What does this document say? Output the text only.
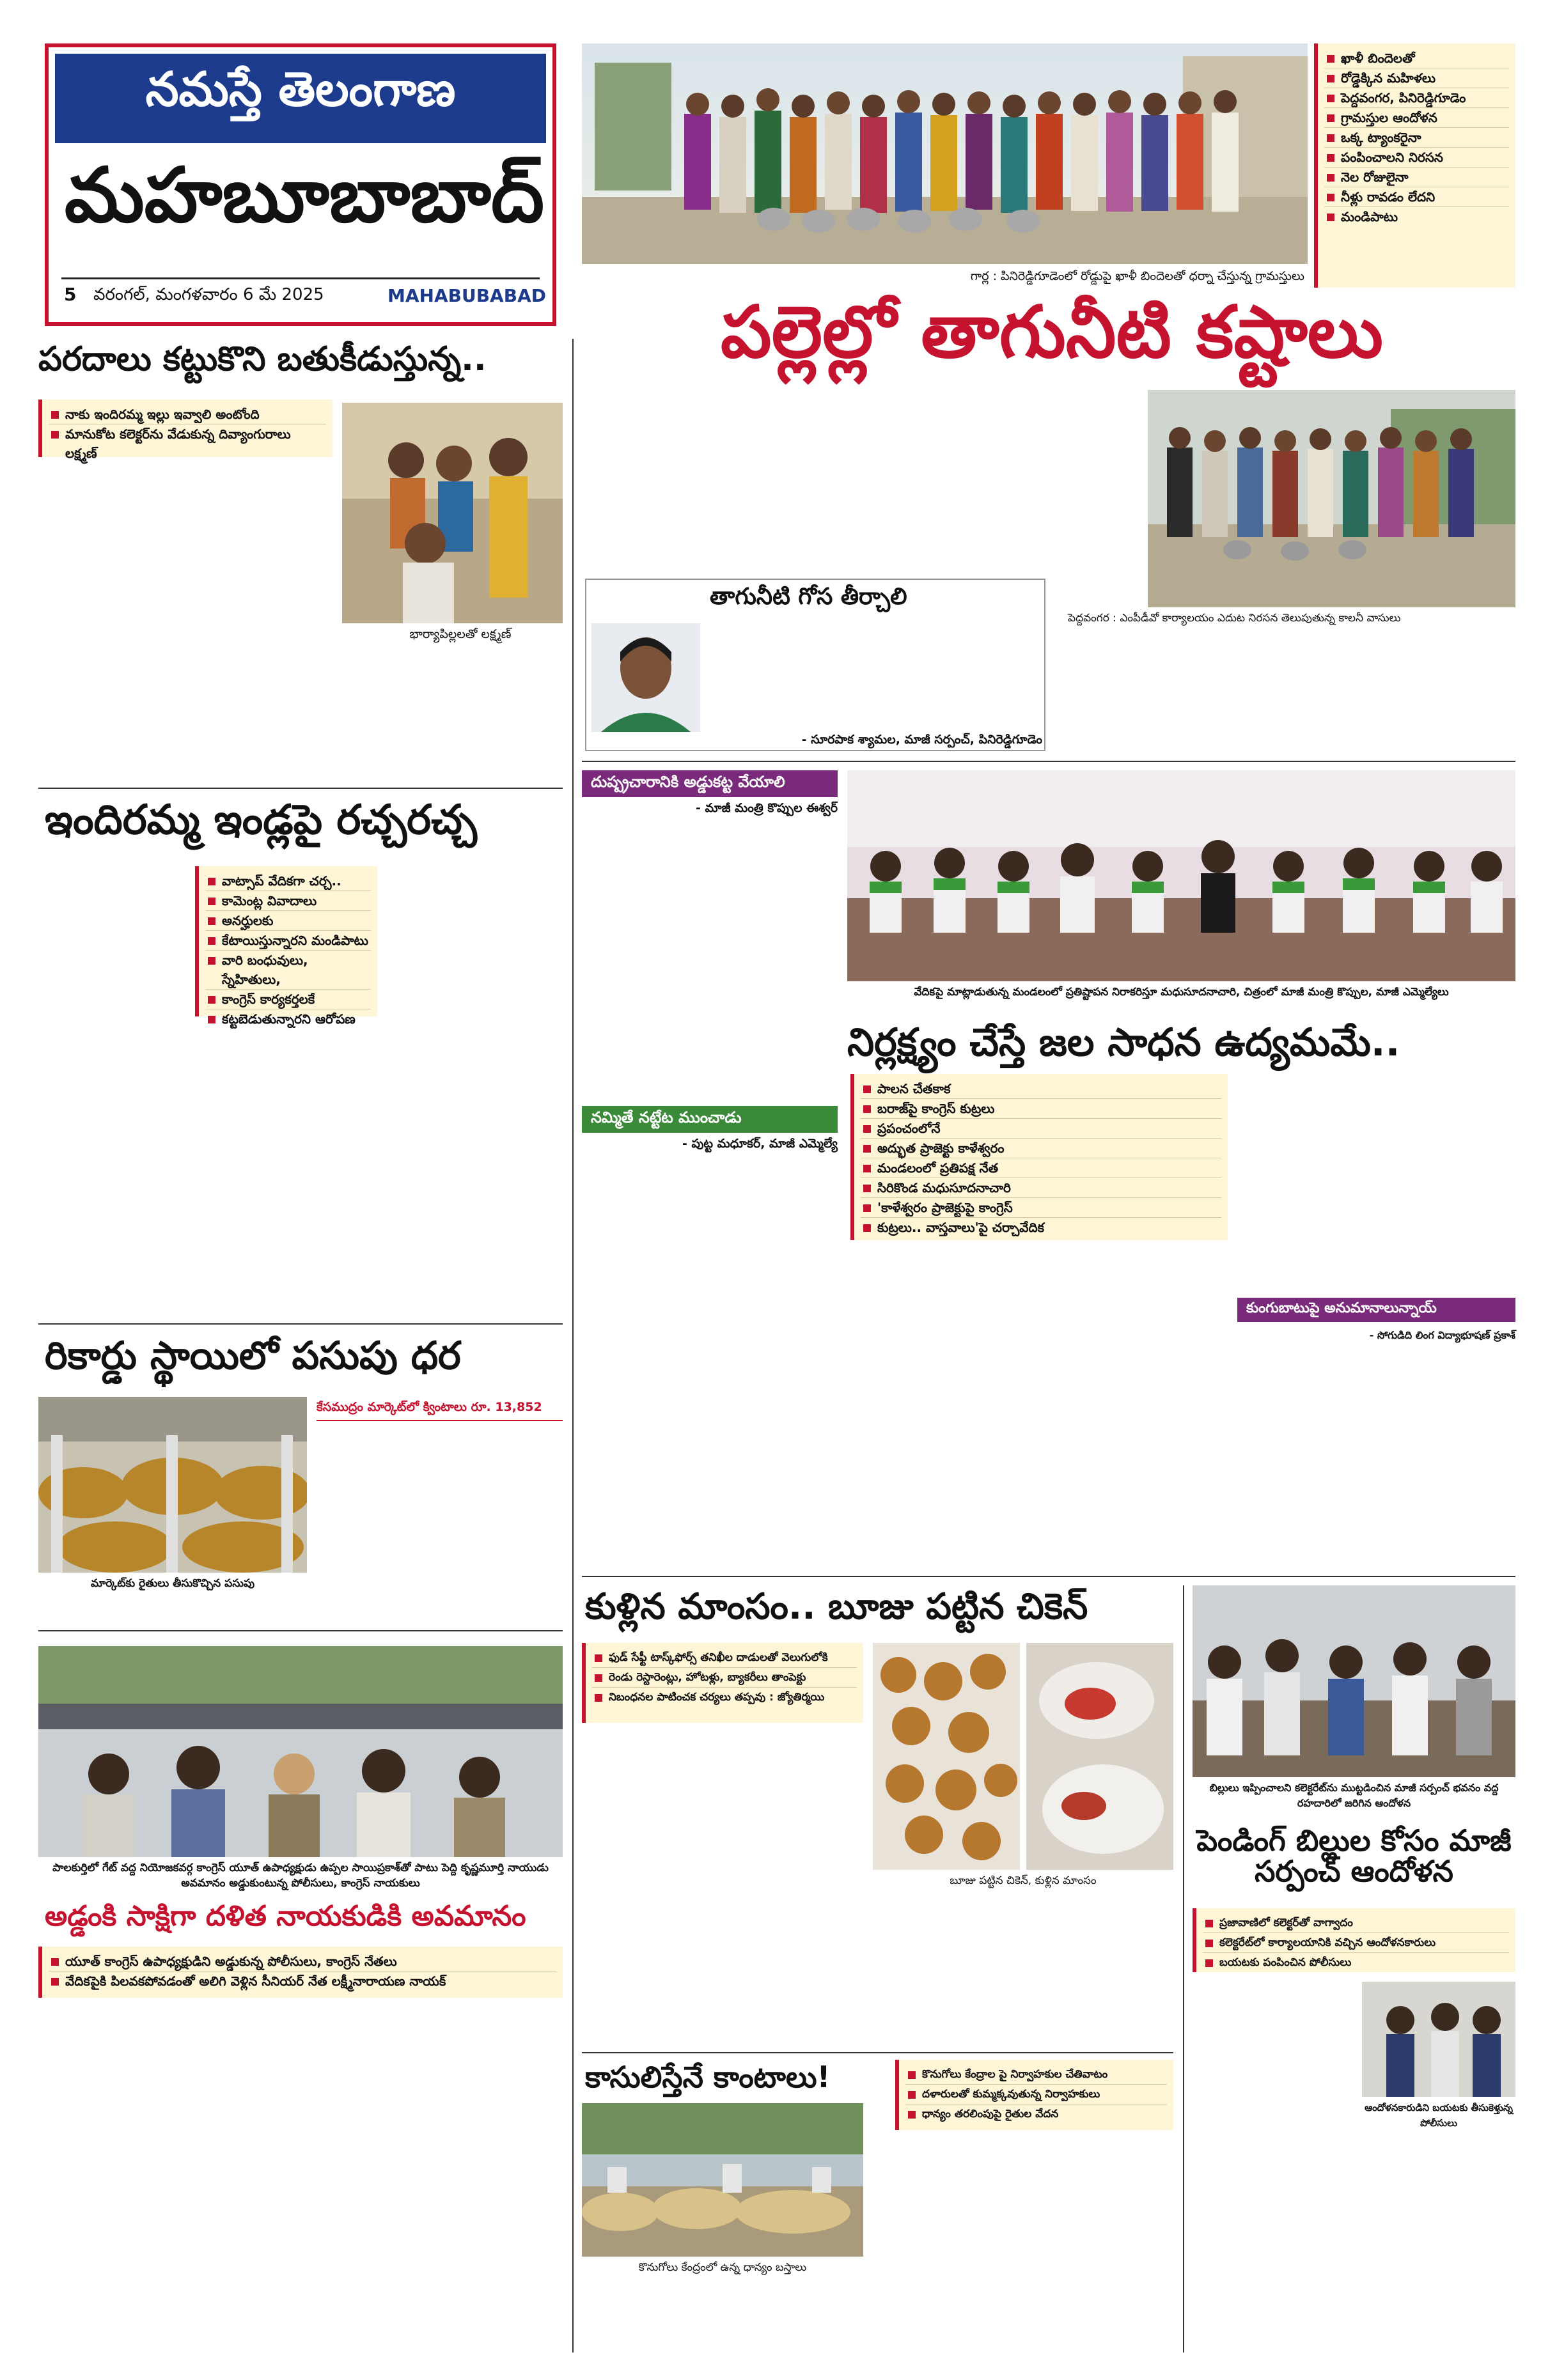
నమస్తే తెలంగాణ
మహబూబాబాద్
5 వరంగల్, మంగళవారం 6 మే 2025	MAHABUBABAD
గార్ల : పినిరెడ్డిగూడెంలో రోడ్డుపై ఖాళీ బిందెలతో ధర్నా చేస్తున్న గ్రామస్తులు
ఖాళీ బిందెలతో
రోడ్డెక్కిన మహిళలు
పెద్దవంగర, పినిరెడ్డిగూడెం
గ్రామస్తుల ఆందోళన
ఒక్క ట్యాంకరైనా
పంపించాలని నిరసన
నెల రోజులైనా
నీళ్లు రావడం లేదని
మండిపాటు
పల్లెల్లో తాగునీటి కష్టాలు
పెద్దవంగర : ఎంపీడీవో కార్యాలయం ఎదుట నిరసన తెలుపుతున్న కాలనీ వాసులు
తాగునీటి గోస తీర్చాలి
- సూరపాక శ్యామల, మాజీ సర్పంచ్, పినిరెడ్డిగూడెం
పరదాలు కట్టుకొని బతుకీడుస్తున్న..
నాకు ఇందిరమ్మ ఇల్లు ఇవ్వాలి అంటోంది
మానుకోట కలెక్టర్‌ను వేడుకున్న దివ్యాంగురాలు లక్ష్మణ్
భార్యాపిల్లలతో లక్ష్మణ్
ఇందిరమ్మ ఇండ్లపై రచ్చరచ్చ
వాట్సాప్ వేదికగా చర్చ..
కామెంట్ల వివాదాలు
అనర్హులకు
కేటాయిస్తున్నారని మండిపాటు
వారి బంధువులు, స్నేహితులు,
కాంగ్రెస్ కార్యకర్తలకే
కట్టబెడుతున్నారని ఆరోపణ
రికార్డు స్థాయిలో పసుపు ధర
మార్కెట్‌కు రైతులు తీసుకొచ్చిన పసుపు
కేసముద్రం మార్కెట్‌లో క్వింటాలు రూ. 13,852
పాలకుర్తిలో గేట్ వద్ద నియోజకవర్గ కాంగ్రెస్ యూత్ ఉపాధ్యక్షుడు ఉప్పల సాయిప్రకాశ్‌తో పాటు పెద్ది కృష్ణమూర్తి నాయుడు అవమానం అడ్డుకుంటున్న పోలీసులు, కాంగ్రెస్ నాయకులు
అడ్డంకి సాక్షిగా దళిత నాయకుడికి అవమానం
యూత్ కాంగ్రెస్ ఉపాధ్యక్షుడిని అడ్డుకున్న పోలీసులు, కాంగ్రెస్ నేతలు
వేదికపైకి పిలవకపోవడంతో అలిగి వెళ్లిన సీనియర్ నేత లక్ష్మీనారాయణ నాయక్
దుష్ప్రచారానికి అడ్డుకట్ట వేయాలి
- మాజీ మంత్రి కొప్పుల ఈశ్వర్
వేదికపై మాట్లాడుతున్న మండలంలో ప్రతిష్టాపన నిరాకరిస్తూ మధుసూదనాచారి, చిత్రంలో మాజీ మంత్రి కొప్పుల, మాజీ ఎమ్మెల్యేలు
నిర్లక్ష్యం చేస్తే జల సాధన ఉద్యమమే..
నమ్మితే నట్టేట ముంచాడు
- పుట్ట మధూకర్, మాజీ ఎమ్మెల్యే
పాలన చేతకాక
బరాజ్‌పై కాంగ్రెస్ కుట్రలు
ప్రపంచంలోనే
అద్భుత ప్రాజెక్టు కాళేశ్వరం
మండలంలో ప్రతిపక్ష నేత
సిరికొండ మధుసూదనాచారి
'కాళేశ్వరం ప్రాజెక్టుపై కాంగ్రెస్
కుట్రలు.. వాస్తవాలు'పై చర్చావేదిక
కుంగుబాటుపై అనుమానాలున్నాయ్
- సోగుడిది లింగ విద్యాభూషణ్ ప్రకాశ్
కుళ్లిన మాంసం.. బూజు పట్టిన చికెన్
ఫుడ్ సేఫ్టీ టాస్క్‌ఫోర్స్ తనిఖీల దాడులతో వెలుగులోకి
రెండు రెస్టారెంట్లు, హోటళ్లు, బ్యాకరీలు తాంపెక్టు
నిబంధనల పాటించక చర్యలు తప్పవు : జ్యోతిర్మయి
బూజు పట్టిన చికెన్, కుళ్లిన మాంసం
కాసులిస్తేనే కాంటాలు!	కొనుగోలు కేంద్రాల పై నిర్వాహకుల చేతివాటం
దళారులతో కుమ్మక్కవుతున్న నిర్వాహకులు
ధాన్యం తరలింపుపై రైతుల వేదన
కొనుగోలు కేంద్రంలో ఉన్న ధాన్యం బస్తాలు
బిల్లులు ఇప్పించాలని కలెక్టరేట్‌ను ముట్టడించిన మాజీ సర్పంచ్ భవనం వద్ద రహదారిలో జరిగిన ఆందోళన
పెండింగ్ బిల్లుల కోసం మాజీ సర్పంచ్ ఆందోళన
ప్రజావాణిలో కలెక్టర్‌తో వాగ్వాదం
కలెక్టరేట్‌లో కార్యాలయానికి వచ్చిన ఆందోళనకారులు
బయటకు పంపించిన పోలీసులు
ఆందోళనకారుడిని బయటకు తీసుకెళ్తున్న పోలీసులు
